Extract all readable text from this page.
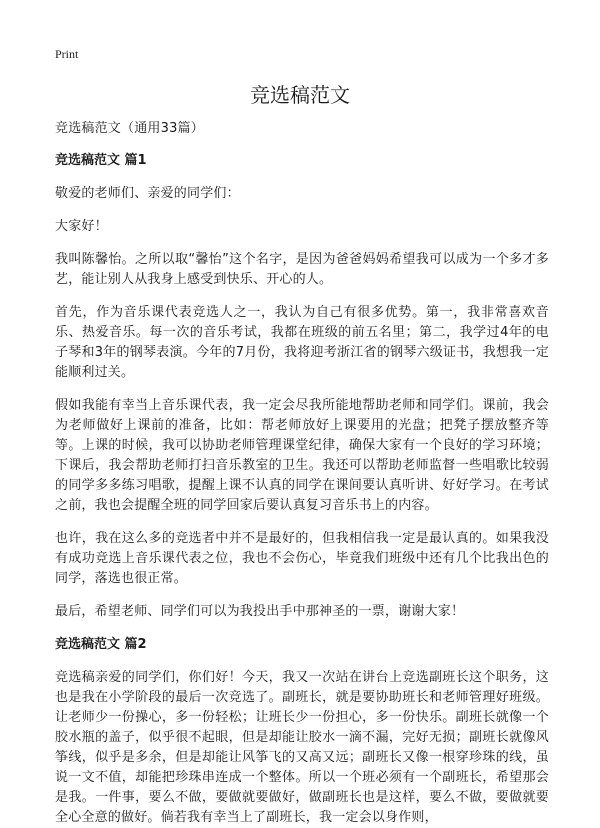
Print
竞选稿范文

竞选稿范文（通用33篇）

竞选稿范文 篇1

敬爱的老师们、亲爱的同学们：

大家好！

我叫陈馨怡。之所以取“馨怡”这个名字，是因为爸爸妈妈希望我可以成为一个多才多艺，能让别人从我身上感受到快乐、开心的人。

首先，作为音乐课代表竞选人之一，我认为自己有很多优势。第一，我非常喜欢音乐、热爱音乐。每一次的音乐考试，我都在班级的前五名里；第二，我学过4年的电子琴和3年的钢琴表演。今年的7月份，我将迎考浙江省的钢琴六级证书，我想我一定能顺利过关。

假如我能有幸当上音乐课代表，我一定会尽我所能地帮助老师和同学们。课前，我会为老师做好上课前的准备，比如：帮老师放好上课要用的光盘；把凳子摆放整齐等等。上课的时候，我可以协助老师管理课堂纪律，确保大家有一个良好的学习环境；下课后，我会帮助老师打扫音乐教室的卫生。我还可以帮助老师监督一些唱歌比较弱的同学多多练习唱歌，提醒上课不认真的同学在课间要认真听讲、好好学习。在考试之前，我也会提醒全班的同学回家后要认真复习音乐书上的内容。

也许，我在这么多的竞选者中并不是最好的，但我相信我一定是最认真的。如果我没有成功竞选上音乐课代表之位，我也不会伤心，毕竟我们班级中还有几个比我出色的同学，落选也很正常。

最后，希望老师、同学们可以为我投出手中那神圣的一票，谢谢大家！

竞选稿范文 篇2

竞选稿亲爱的同学们，你们好！今天，我又一次站在讲台上竞选副班长这个职务，这也是我在小学阶段的最后一次竞选了。副班长，就是要协助班长和老师管理好班级。让老师少一份操心，多一份轻松；让班长少一份担心，多一份快乐。副班长就像一个胶水瓶的盖子，似乎很不起眼，但是却能让胶水一滴不漏，完好无损；副班长就像风筝线，似乎是多余，但是却能让风筝飞的又高又远；副班长又像一根穿珍珠的线，虽说一文不值，却能把珍珠串连成一个整体。所以一个班必须有一个副班长，希望那会是我。一件事，要么不做，要做就要做好，做副班长也是这样，要么不做，要做就要全心全意的做好。倘若我有幸当上了副班长，我一定会以身作则，
